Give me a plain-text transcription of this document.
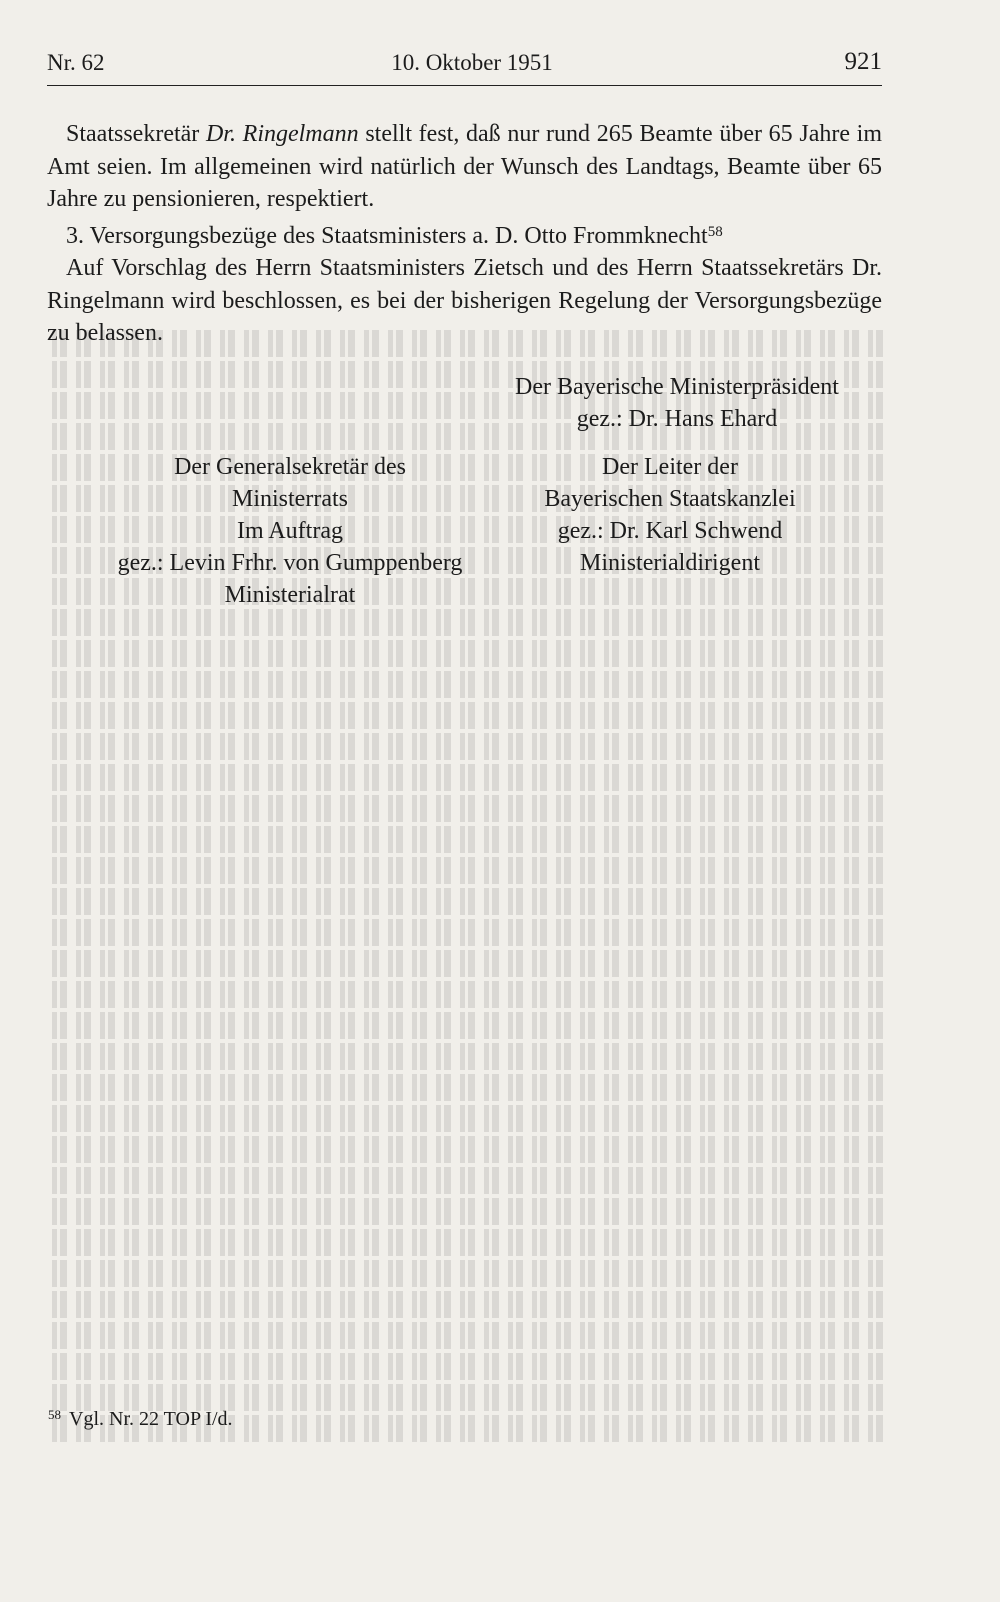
Nr. 62	10. Oktober 1951	921

Staatssekretär Dr. Ringelmann stellt fest, daß nur rund 265 Beamte über 65 Jahre im Amt seien. Im allgemeinen wird natürlich der Wunsch des Landtags, Beamte über 65 Jahre zu pensionieren, respektiert.

3. Versorgungsbezüge des Staatsministers a. D. Otto Frommknecht$^{58}$

Auf Vorschlag des Herrn Staatsministers Zietsch und des Herrn Staatssekretärs Dr. Ringelmann wird beschlossen, es bei der bisherigen Regelung der Versorgungsbezüge zu belassen.

Der Bayerische Ministerpräsident
gez.: Dr. Hans Ehard
Der Generalsekretär des
Ministerrats
Im Auftrag
gez.: Levin Frhr. von Gumppenberg
Ministerialrat
Der Leiter der
Bayerischen Staatskanzlei
gez.: Dr. Karl Schwend
Ministerialdirigent
$^{58}$ Vgl. Nr. 22 TOP I/d.
